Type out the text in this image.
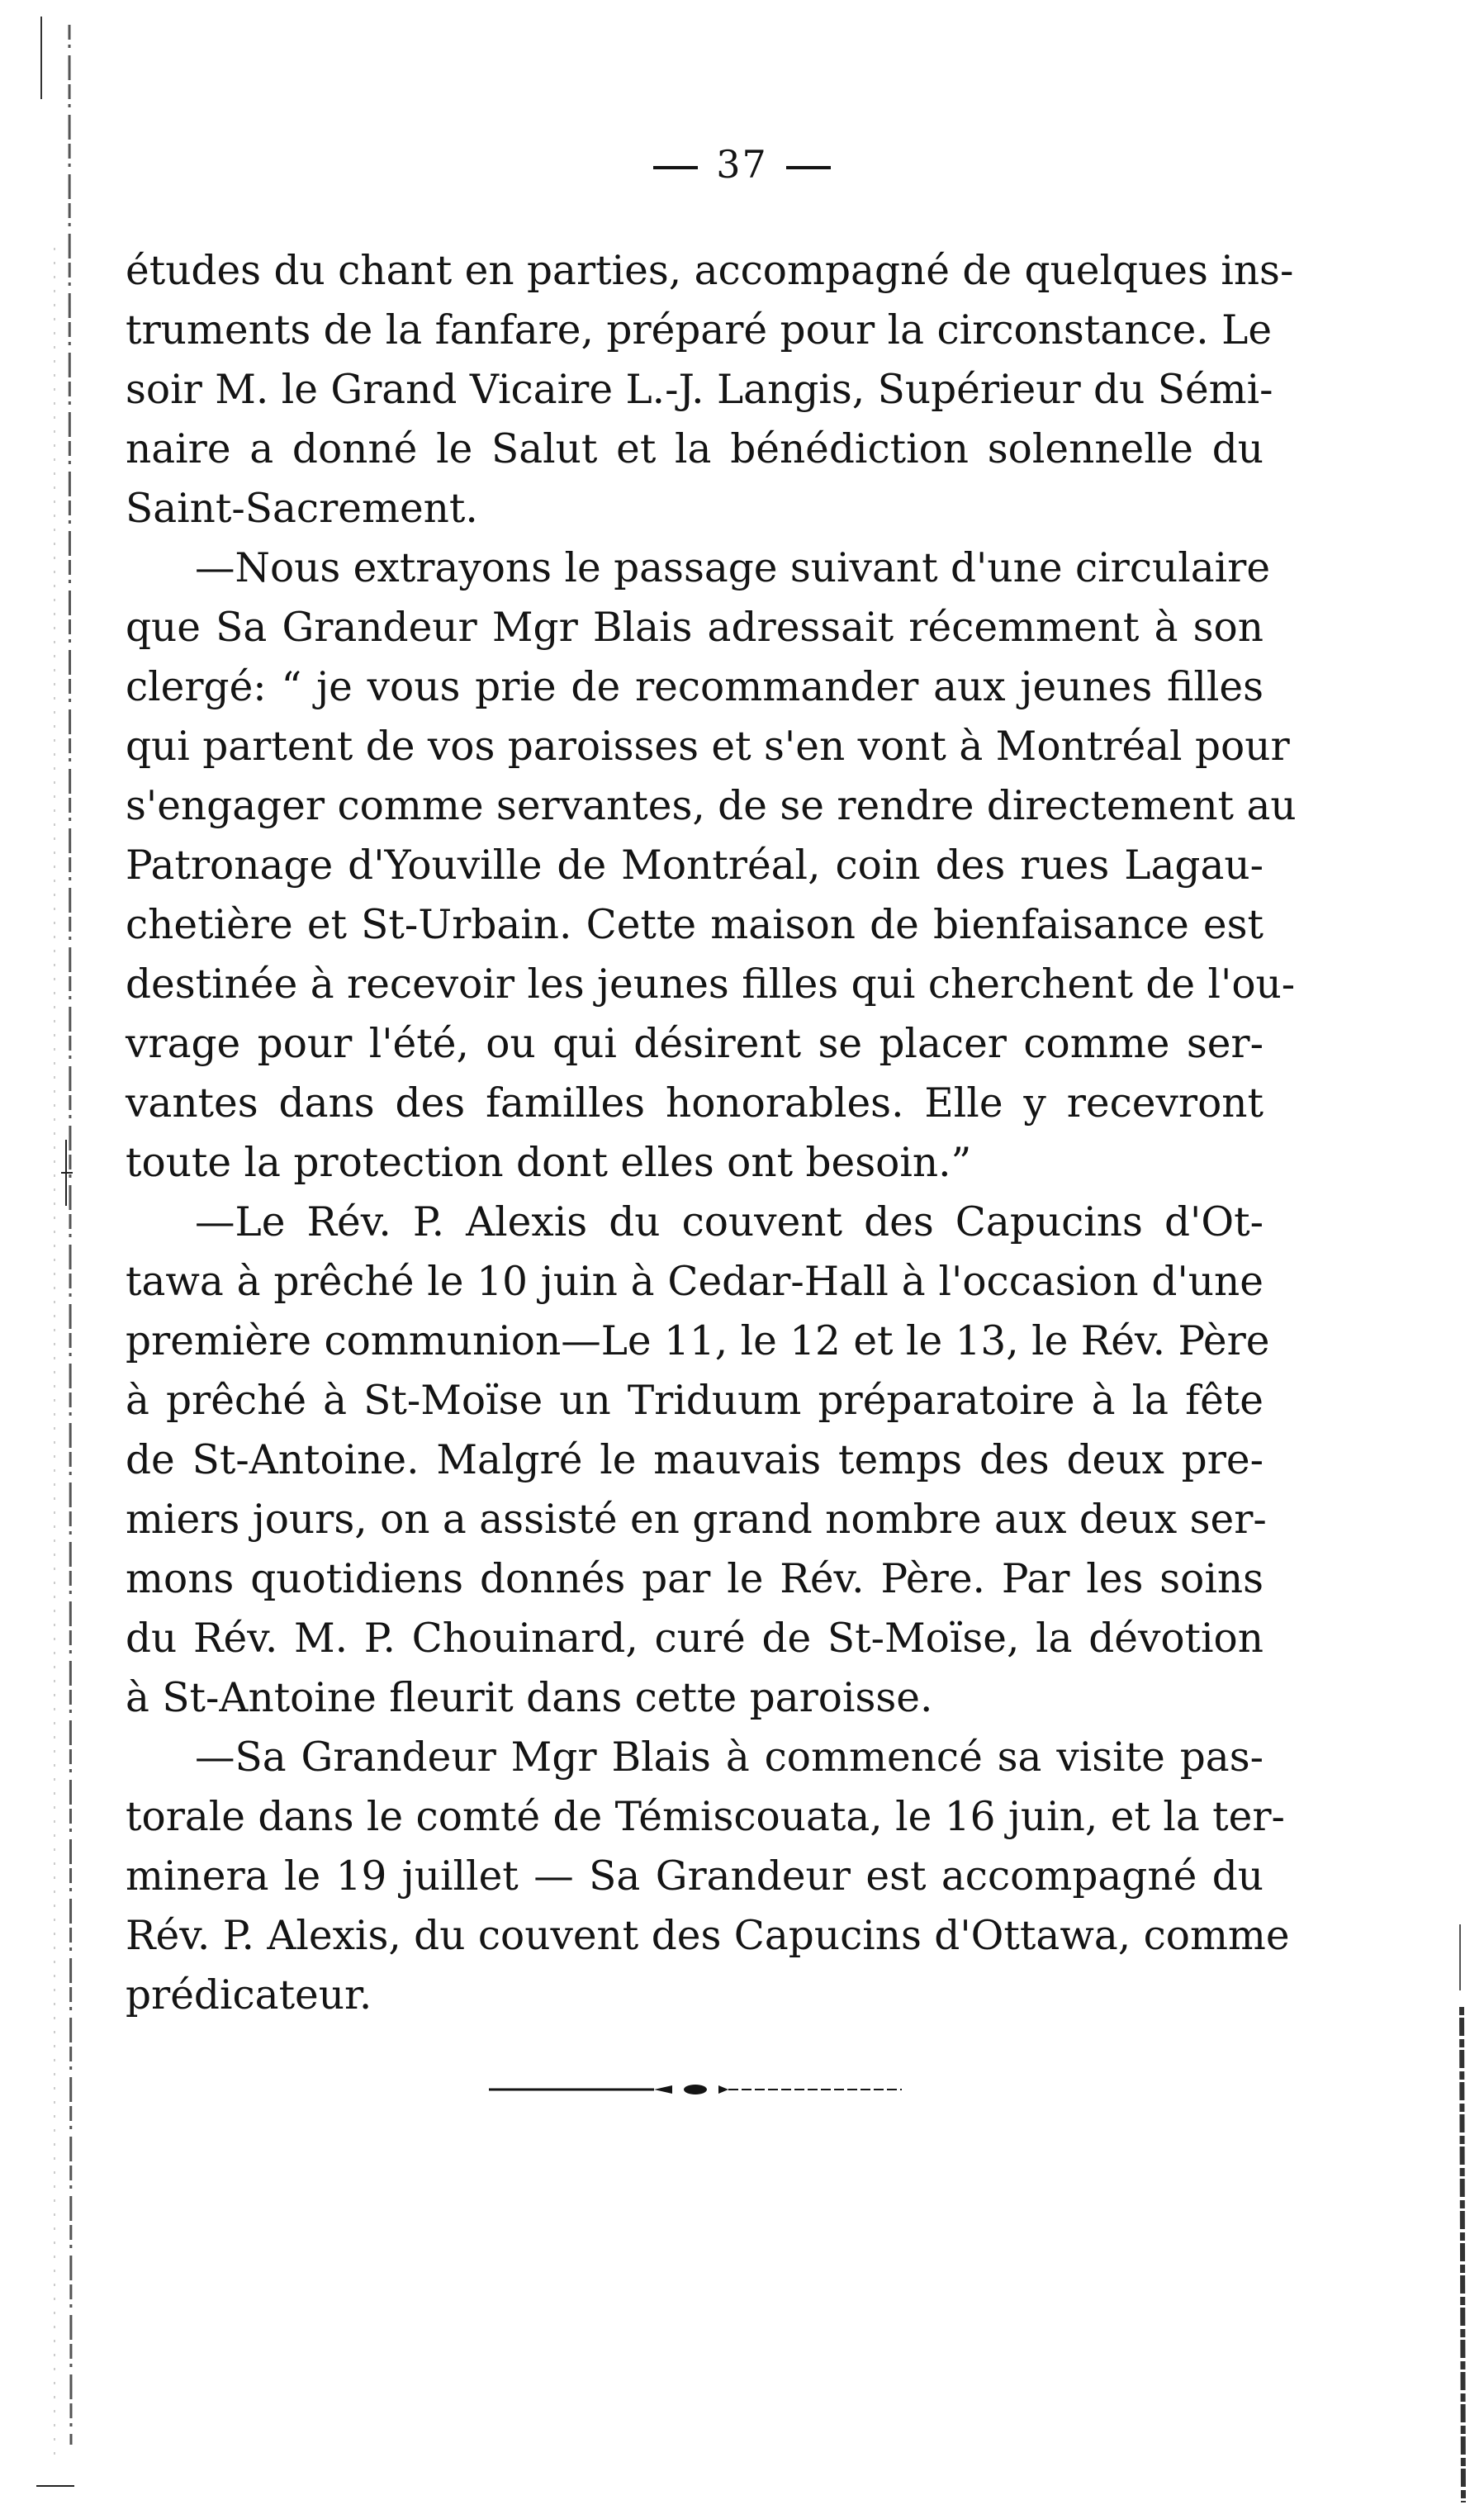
37

études du chant en parties, accompagné de quelques ins-
truments de la fanfare, préparé pour la circonstance. Le
soir M. le Grand Vicaire L.-J. Langis, Supérieur du Sémi-
naire a donné le Salut et la bénédiction solennelle du
Saint-Sacrement.

—Nous extrayons le passage suivant d'une circulaire
que Sa Grandeur Mgr Blais adressait récemment à son
clergé: “ je vous prie de recommander aux jeunes filles
qui partent de vos paroisses et s'en vont à Montréal pour
s'engager comme servantes, de se rendre directement au
Patronage d'Youville de Montréal, coin des rues Lagau-
chetière et St-Urbain. Cette maison de bienfaisance est
destinée à recevoir les jeunes filles qui cherchent de l'ou-
vrage pour l'été, ou qui désirent se placer comme ser-
vantes dans des familles honorables. Elle y recevront
toute la protection dont elles ont besoin.”

—Le Rév. P. Alexis du couvent des Capucins d'Ot-
tawa à prêché le 10 juin à Cedar-Hall à l'occasion d'une
première communion—Le 11, le 12 et le 13, le Rév. Père
à prêché à St-Moïse un Triduum préparatoire à la fête
de St-Antoine. Malgré le mauvais temps des deux pre-
miers jours, on a assisté en grand nombre aux deux ser-
mons quotidiens donnés par le Rév. Père. Par les soins
du Rév. M. P. Chouinard, curé de St-Moïse, la dévotion
à St-Antoine fleurit dans cette paroisse.

—Sa Grandeur Mgr Blais à commencé sa visite pas-
torale dans le comté de Témiscouata, le 16 juin, et la ter-
minera le 19 juillet — Sa Grandeur est accompagné du
Rév. P. Alexis, du couvent des Capucins d'Ottawa, comme
prédicateur.
